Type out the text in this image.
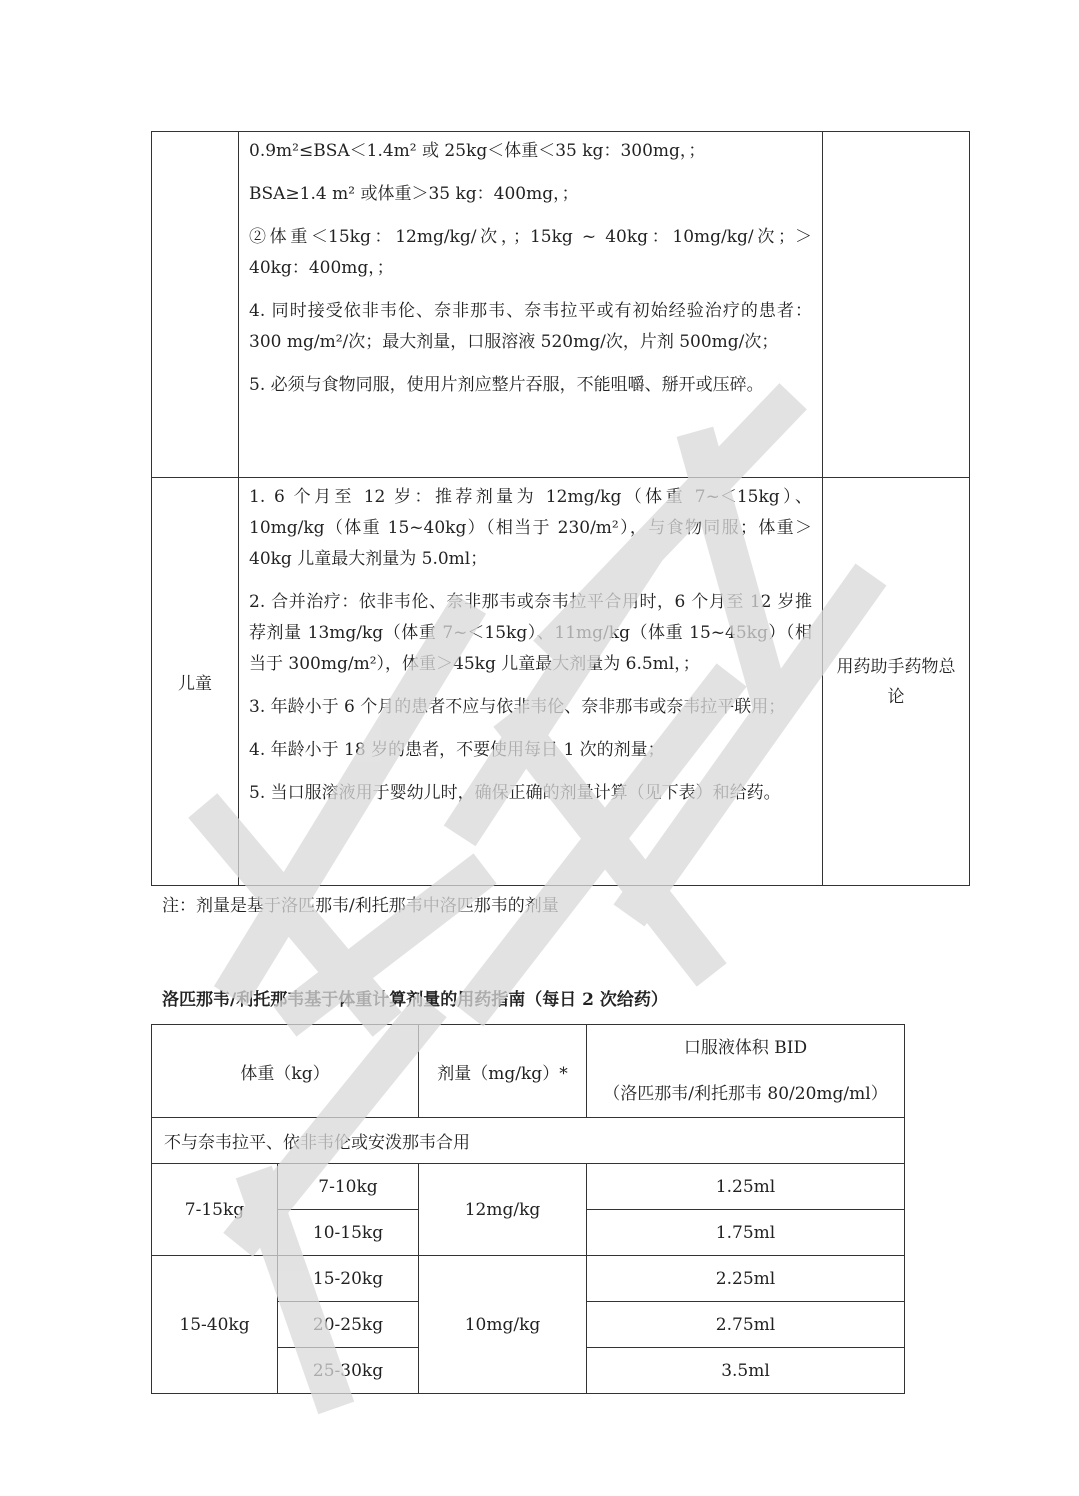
	0.9m²≤BSA＜1.4m² 或 25kg＜体重＜35 kg：300mg，；

BSA≥1.4 m² 或体重＞35 kg：400mg，；

②体重＜15kg：12mg/kg/次，；15kg ~ 40kg：10mg/kg/次；＞40kg：400mg，；

4. 同时接受依非韦伦、奈非那韦、奈韦拉平或有初始经验治疗的患者：300 mg/m²/次；最大剂量，口服溶液 520mg/次，片剂 500mg/次；

5. 必须与食物同服，使用片剂应整片吞服，不能咀嚼、掰开或压碎。	

儿童	1. 6 个月至 12 岁：推荐剂量为 12mg/kg（体重 7~＜15kg）、10mg/kg（体重 15~40kg）（相当于 230/m²），与食物同服；体重＞40kg 儿童最大剂量为 5.0ml；

2. 合并治疗：依非韦伦、奈非那韦或奈韦拉平合用时，6 个月至 12 岁推荐剂量 13mg/kg（体重 7~＜15kg）、11mg/kg（体重 15~45kg）（相当于 300mg/m²），体重＞45kg 儿童最大剂量为 6.5ml，；

3. 年龄小于 6 个月的患者不应与依非韦伦、奈非那韦或奈韦拉平联用；

4. 年龄小于 18 岁的患者，不要使用每日 1 次的剂量；

5. 当口服溶液用于婴幼儿时，确保正确的剂量计算（见下表）和给药。	用药助手药物总论
注：剂量是基于洛匹那韦/利托那韦中洛匹那韦的剂量
洛匹那韦/利托那韦基于体重计算剂量的用药指南（每日 2 次给药）
体重（kg）		剂量（mg/kg）*	口服液体积 BID
（洛匹那韦/利托那韦 80/20mg/ml）

不与奈韦拉平、依非韦伦或安泼那韦合用			
7-15kg	7-10kg	12mg/kg	1.25ml
	10-15kg		1.75ml
15-40kg	15-20kg	10mg/kg	2.25ml
	20-25kg		2.75ml
	25-30kg		3.5ml
